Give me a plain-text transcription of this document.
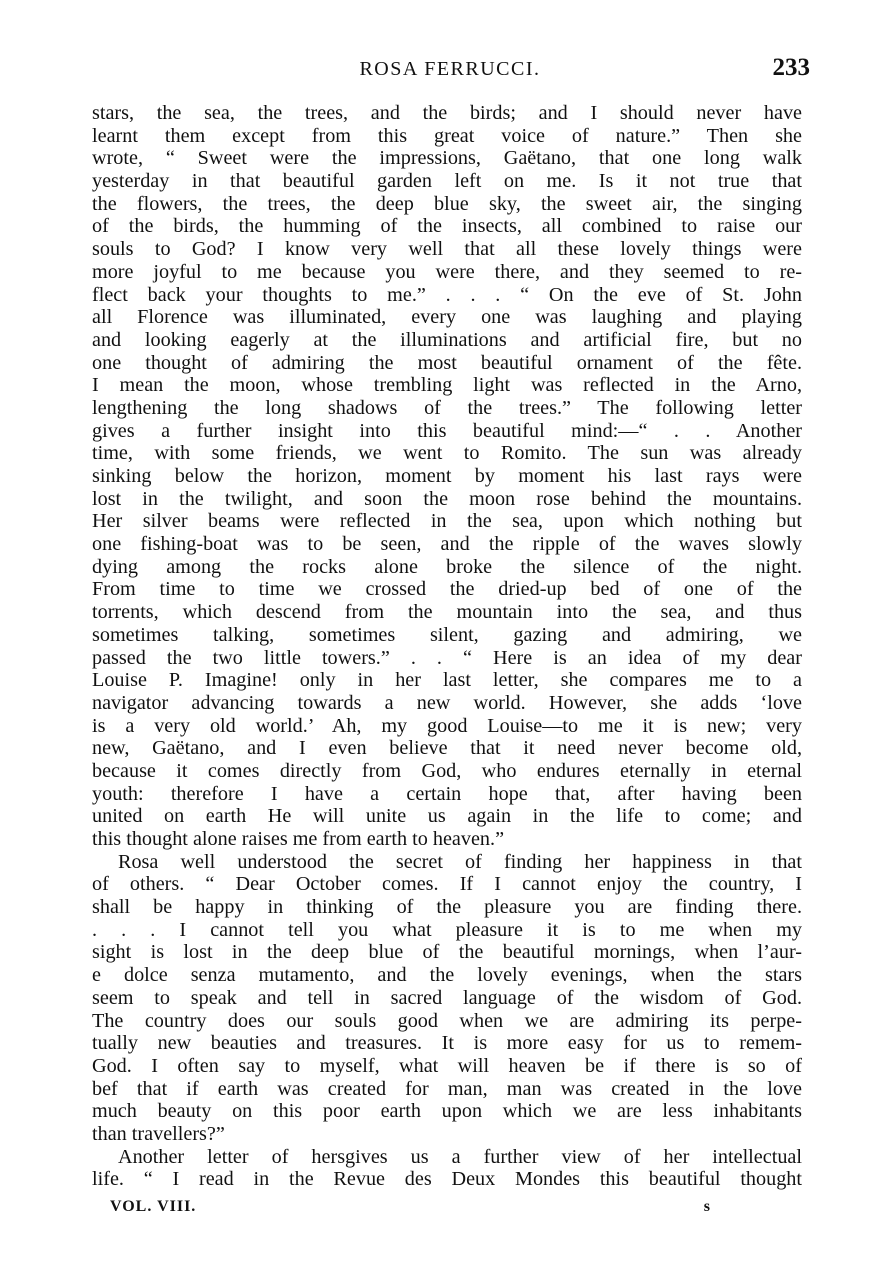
ROSA FERRUCCI.	233
stars, the sea, the trees, and the birds; and I should never have
learnt them except from this great voice of nature.” Then she
wrote, “ Sweet were the impressions, Gaëtano, that one long walk
yesterday in that beautiful garden left on me. Is it not true that
the flowers, the trees, the deep blue sky, the sweet air, the singing
of the birds, the humming of the insects, all combined to raise our
souls to God? I know very well that all these lovely things were
more joyful to me because you were there, and they seemed to re-
flect back your thoughts to me.” . . . “ On the eve of St. John
all Florence was illuminated, every one was laughing and playing
and looking eagerly at the illuminations and artificial fire, but no
one thought of admiring the most beautiful ornament of the fête.
I mean the moon, whose trembling light was reflected in the Arno,
lengthening the long shadows of the trees.” The following letter
gives a further insight into this beautiful mind:—“ . . Another
time, with some friends, we went to Romito. The sun was already
sinking below the horizon, moment by moment his last rays were
lost in the twilight, and soon the moon rose behind the mountains.
Her silver beams were reflected in the sea, upon which nothing but
one fishing-boat was to be seen, and the ripple of the waves slowly
dying among the rocks alone broke the silence of the night.
From time to time we crossed the dried-up bed of one of the
torrents, which descend from the mountain into the sea, and thus
sometimes talking, sometimes silent, gazing and admiring, we
passed the two little towers.” . . “ Here is an idea of my dear
Louise P. Imagine! only in her last letter, she compares me to a
navigator advancing towards a new world. However, she adds ‘love
is a very old world.’ Ah, my good Louise—to me it is new; very
new, Gaëtano, and I even believe that it need never become old,
because it comes directly from God, who endures eternally in eternal
youth: therefore I have a certain hope that, after having been
united on earth He will unite us again in the life to come; and
this thought alone raises me from earth to heaven.”
Rosa well understood the secret of finding her happiness in that
of others. “ Dear October comes. If I cannot enjoy the country, I
shall be happy in thinking of the pleasure you are finding there.
. . . I cannot tell you what pleasure it is to me when my
sight is lost in the deep blue of the beautiful mornings, when l’aur-
e dolce senza mutamento, and the lovely evenings, when the stars
seem to speak and tell in sacred language of the wisdom of God.
The country does our souls good when we are admiring its perpe-
tually new beauties and treasures. It is more easy for us to remem-
God. I often say to myself, what will heaven be if there is so of
bef that if earth was created for man, man was created in the love
much beauty on this poor earth upon which we are less inhabitants
than travellers?”
Another letter of hersgives us a further view of her intellectual
life. “ I read in the Revue des Deux Mondes this beautiful thought
VOL. VIII.	s
